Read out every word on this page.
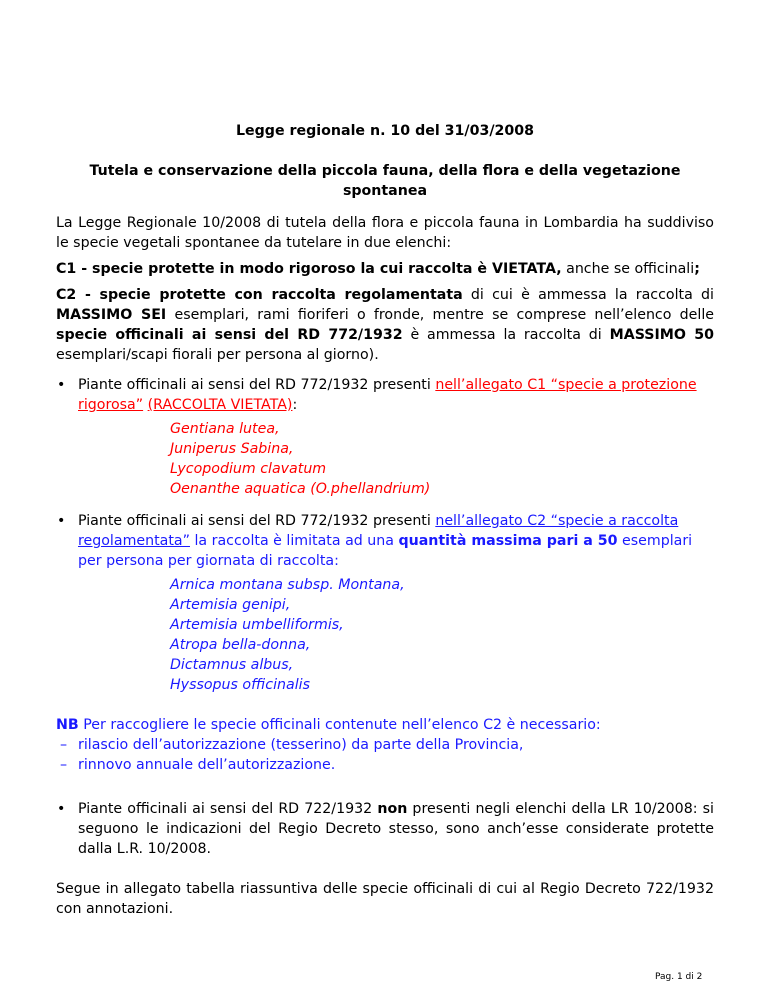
Legge regionale n. 10 del 31/03/2008

Tutela e conservazione della piccola fauna, della flora e della vegetazione spontanea

La Legge Regionale 10/2008 di tutela della flora e piccola fauna in Lombardia ha suddiviso le specie vegetali spontanee da tutelare in due elenchi:

C1 - specie protette in modo rigoroso la cui raccolta è VIETATA, anche se officinali;

C2 - specie protette con raccolta regolamentata di cui è ammessa la raccolta di MASSIMO SEI esemplari, rami fioriferi o fronde, mentre se comprese nell’elenco delle specie officinali ai sensi del RD 772/1932 è ammessa la raccolta di MASSIMO 50 esemplari/scapi fiorali per persona al giorno).

• Piante officinali ai sensi del RD 772/1932 presenti nell’allegato C1 “specie a protezione rigorosa” (RACCOLTA VIETATA):
Gentiana lutea,
Juniperus Sabina,
Lycopodium clavatum
Oenanthe aquatica (O.phellandrium)
• Piante officinali ai sensi del RD 772/1932 presenti nell’allegato C2 “specie a raccolta regolamentata” la raccolta è limitata ad una quantità massima pari a 50 esemplari per persona per giornata di raccolta:
Arnica montana subsp. Montana,
Artemisia genipi,
Artemisia umbelliformis,
Atropa bella-donna,
Dictamnus albus,
Hyssopus officinalis

NB Per raccogliere le specie officinali contenute nell’elenco C2 è necessario:

– rilascio dell’autorizzazione (tesserino) da parte della Provincia,
– rinnovo annuale dell’autorizzazione.
• Piante officinali ai sensi del RD 722/1932 non presenti negli elenchi della LR 10/2008: si seguono le indicazioni del Regio Decreto stesso, sono anch’esse considerate protette dalla L.R. 10/2008.

Segue in allegato tabella riassuntiva delle specie officinali di cui al Regio Decreto 722/1932 con annotazioni.

Pag. 1 di 2
